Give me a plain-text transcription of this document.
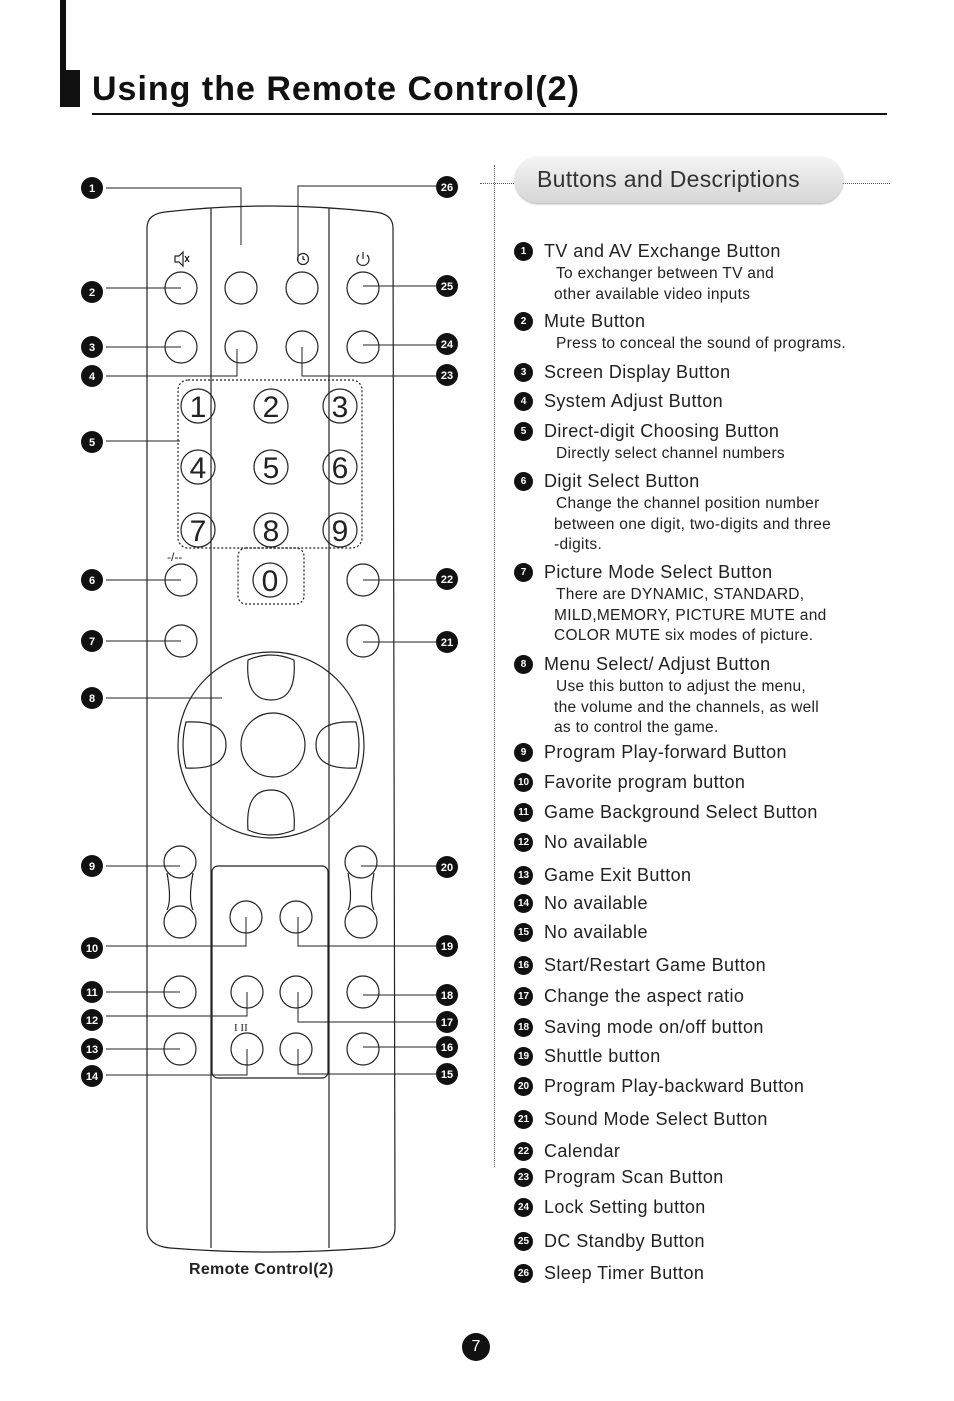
Using the Remote Control(2)
1 2 3
4 5 6
7 8 9
0
-/--
I II
1
2
3
4
5
6
7
8
9
10
11
12
13
14	15
16
17
18
19
20
21
22
23
24
25
26	Buttons and Descriptions
1 TV and AV Exchange Button
To exchanger between TV and
other available video inputs
2 Mute Button
Press to conceal the sound of programs.
3 Screen Display Button
4 System Adjust Button
5 Direct-digit Choosing Button
Directly select channel numbers
6 Digit Select Button
Change the channel position number
between one digit, two-digits and three
-digits.
7 Picture Mode Select Button
There are DYNAMIC, STANDARD,
MILD,MEMORY, PICTURE MUTE and
COLOR MUTE six modes of picture.
8 Menu Select/ Adjust Button
Use this button to adjust the menu,
the volume and the channels, as well
as to control the game.
9 Program Play-forward Button
10 Favorite program button
11 Game Background Select Button
12 No available
13 Game Exit Button
14 No available
15 No available
16 Start/Restart Game Button
17 Change the aspect ratio
18 Saving mode on/off button
19 Shuttle button
20 Program Play-backward Button
21 Sound Mode Select Button
22 Calendar
23 Program Scan Button
24 Lock Setting button
25 DC Standby Button
26 Sleep Timer Button
Remote Control(2)
7
